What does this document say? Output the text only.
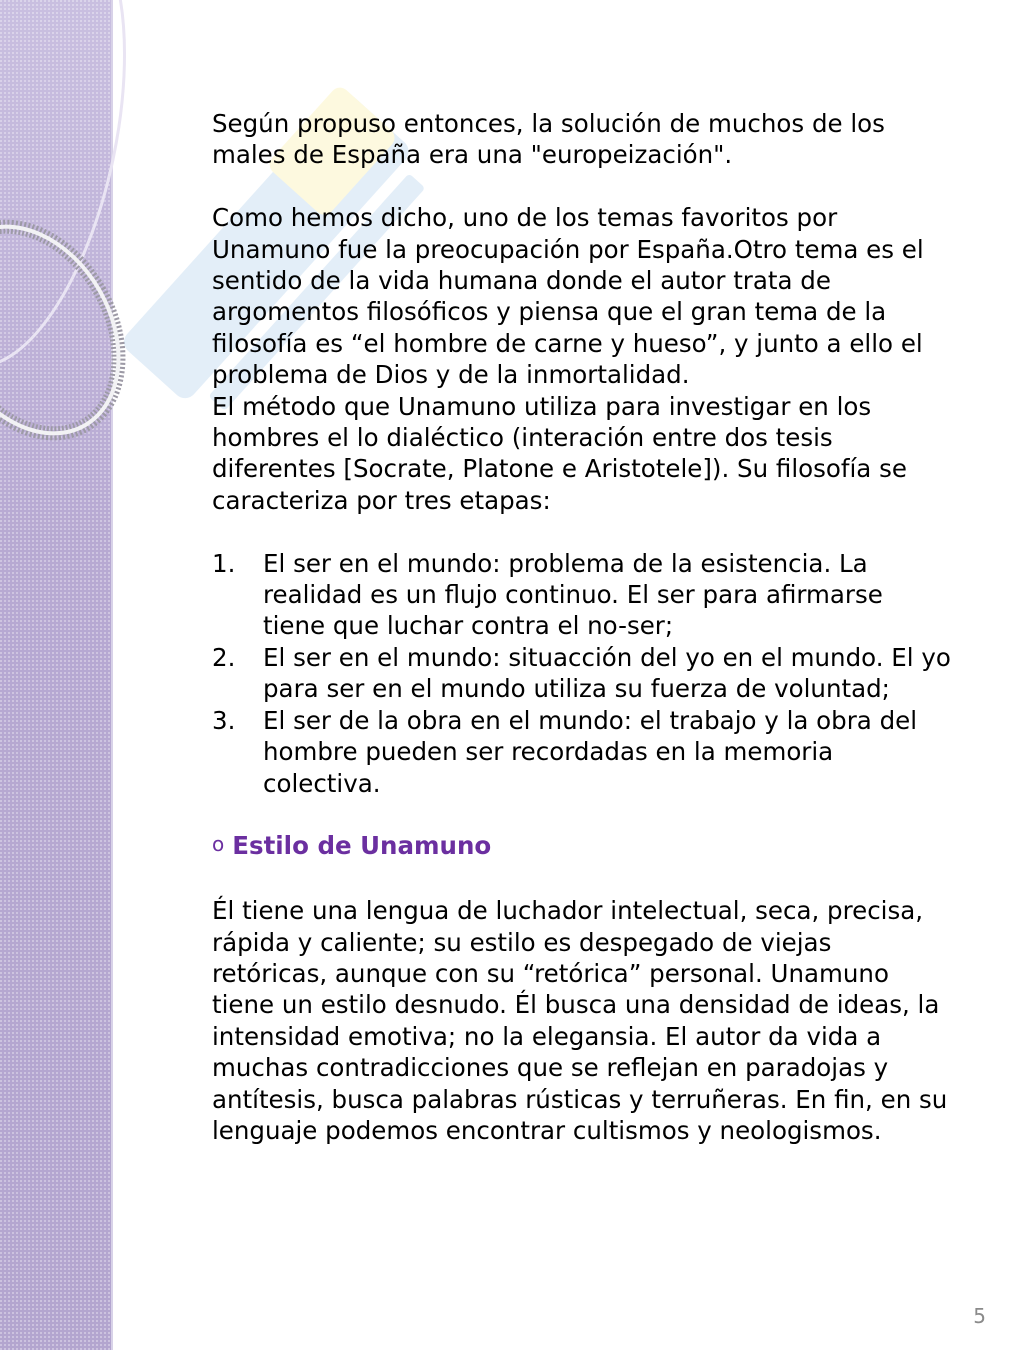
Según propuso entonces, la solución de muchos de los males de España era una "europeización".

Como hemos dicho, uno de los temas favoritos por Unamuno fue la preocupación por España.Otro tema es el sentido de la vida humana donde el autor trata de argomentos filosóficos y piensa que el gran tema de la filosofía es “el hombre de carne y hueso”, y junto a ello el problema de Dios y de la inmortalidad.

El método que Unamuno utiliza para investigar en los hombres el lo dialéctico (interación entre dos tesis diferentes [Socrate, Platone e Aristotele]). Su filosofía se caracteriza por tres etapas:

1. El ser en el mundo: problema de la esistencia. La realidad es un flujo continuo. El ser para afirmarse tiene que luchar contra el no-ser;
2. El ser en el mundo: situacción del yo en el mundo. El yo para ser en el mundo utiliza su fuerza de voluntad;
3. El ser de la obra en el mundo: el trabajo y la obra del hombre pueden ser recordadas en la memoria colectiva.
o Estilo de Unamuno

Él tiene una lengua de luchador intelectual, seca, precisa, rápida y caliente; su estilo es despegado de viejas retóricas, aunque con su “retórica” personal. Unamuno tiene un estilo desnudo. Él busca una densidad de ideas, la intensidad emotiva; no la elegansia. El autor da vida a muchas contradicciones que se reflejan en paradojas y antítesis, busca palabras rústicas y terruñeras. En fin, en su lenguaje podemos encontrar cultismos y neologismos.

5
